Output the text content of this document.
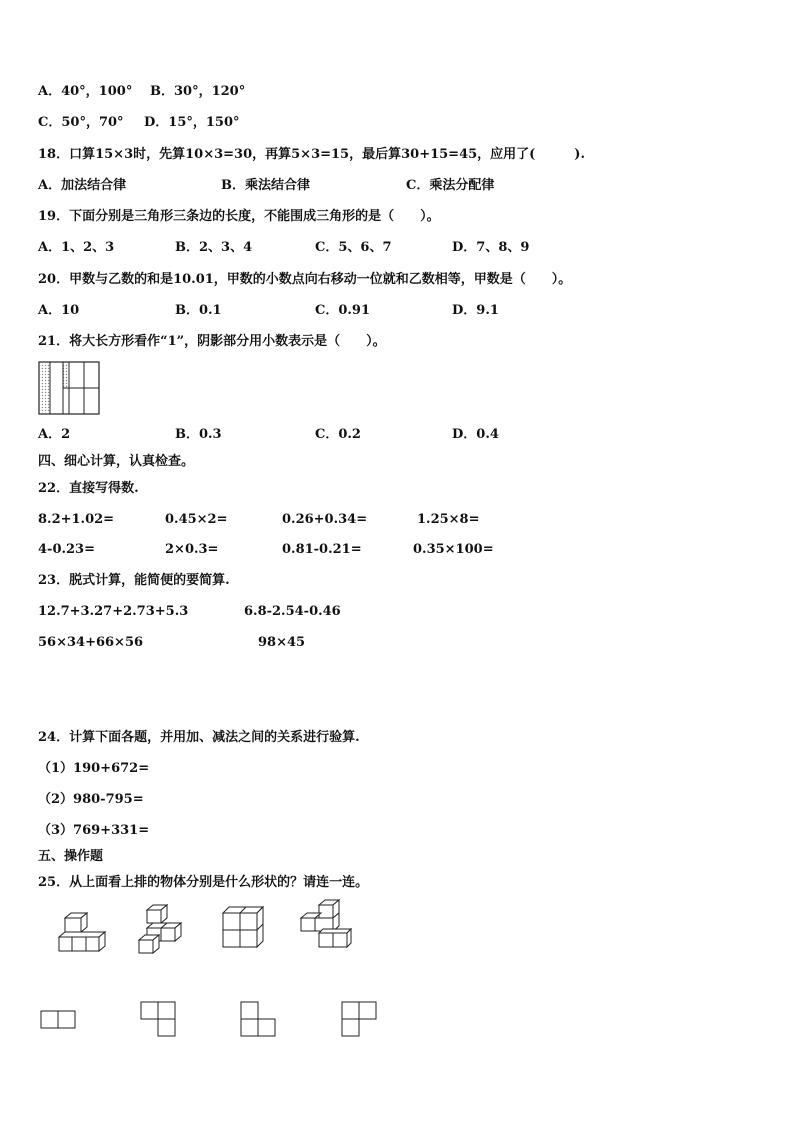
A．40°，100° B．30°，120°
C．50°，70° D．15°，150°
18．口算15×3时，先算10×3=30，再算5×3=15，最后算30+15=45，应用了(　　　).
A．加法结合律	B．乘法结合律	C．乘法分配律
19．下面分别是三角形三条边的长度，不能围成三角形的是（　　）。
A．1、2、3	B．2、3、4	C．5、6、7	D．7、8、9
20．甲数与乙数的和是10.01，甲数的小数点向右移动一位就和乙数相等，甲数是（　　）。
A．10	B．0.1	C．0.91	D．9.1
21．将大长方形看作“1”，阴影部分用小数表示是（　　）。
A．2	B．0.3	C．0.2	D．0.4
四、细心计算，认真检查。
22．直接写得数.
8.2+1.02=	0.45×2=	0.26+0.34=	1.25×8=
4-0.23=	2×0.3=	0.81-0.21=	0.35×100=
23．脱式计算，能简便的要简算.
12.7+3.27+2.73+5.3	6.8-2.54-0.46
56×34+66×56	98×45
24．计算下面各题，并用加、减法之间的关系进行验算.
（1）190+672=
（2）980-795=
（3）769+331=
五、操作题
25．从上面看上排的物体分别是什么形状的？请连一连。
